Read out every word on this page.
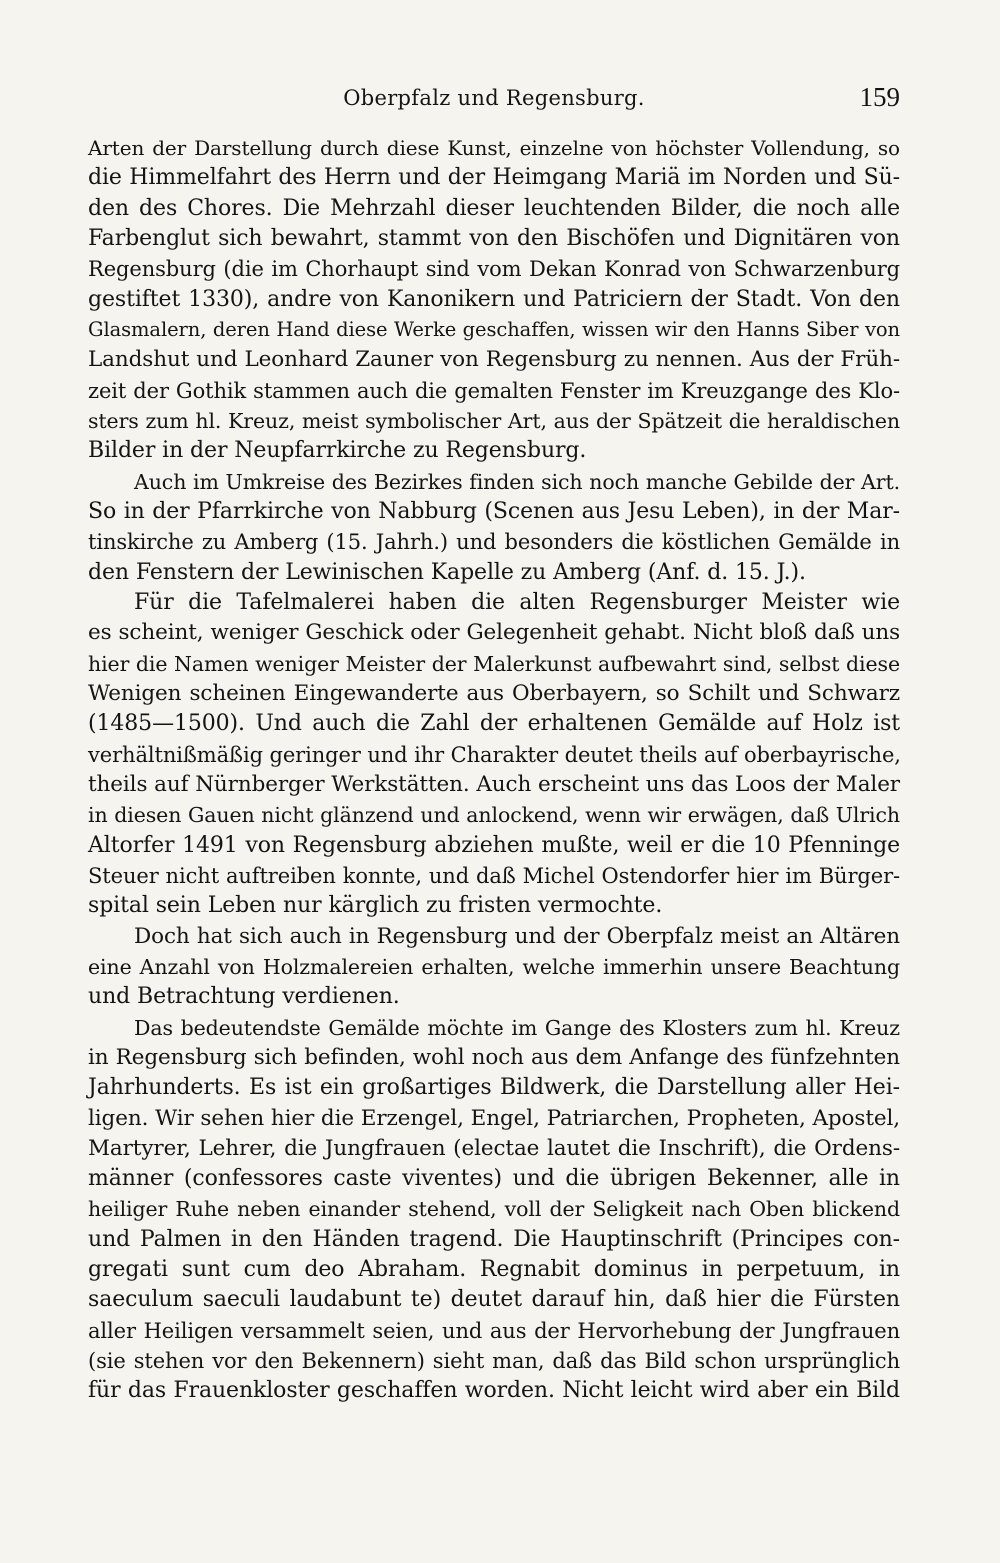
Oberpfalz und Regensburg.	159
Arten der Darstellung durch diese Kunst, einzelne von höchster Vollendung, so
die Himmelfahrt des Herrn und der Heimgang Mariä im Norden und Sü-
den des Chores. Die Mehrzahl dieser leuchtenden Bilder, die noch alle
Farbenglut sich bewahrt, stammt von den Bischöfen und Dignitären von
Regensburg (die im Chorhaupt sind vom Dekan Konrad von Schwarzenburg
gestiftet 1330), andre von Kanonikern und Patriciern der Stadt. Von den
Glasmalern, deren Hand diese Werke geschaffen, wissen wir den Hanns Siber von
Landshut und Leonhard Zauner von Regensburg zu nennen. Aus der Früh-
zeit der Gothik stammen auch die gemalten Fenster im Kreuzgange des Klo-
sters zum hl. Kreuz, meist symbolischer Art, aus der Spätzeit die heraldischen
Bilder in der Neupfarrkirche zu Regensburg.
Auch im Umkreise des Bezirkes finden sich noch manche Gebilde der Art.
So in der Pfarrkirche von Nabburg (Scenen aus Jesu Leben), in der Mar-
tinskirche zu Amberg (15. Jahrh.) und besonders die köstlichen Gemälde in
den Fenstern der Lewinischen Kapelle zu Amberg (Anf. d. 15. J.).
Für die Tafelmalerei haben die alten Regensburger Meister wie
es scheint, weniger Geschick oder Gelegenheit gehabt. Nicht bloß daß uns
hier die Namen weniger Meister der Malerkunst aufbewahrt sind, selbst diese
Wenigen scheinen Eingewanderte aus Oberbayern, so Schilt und Schwarz
(1485—1500). Und auch die Zahl der erhaltenen Gemälde auf Holz ist
verhältnißmäßig geringer und ihr Charakter deutet theils auf oberbayrische,
theils auf Nürnberger Werkstätten. Auch erscheint uns das Loos der Maler
in diesen Gauen nicht glänzend und anlockend, wenn wir erwägen, daß Ulrich
Altorfer 1491 von Regensburg abziehen mußte, weil er die 10 Pfenninge
Steuer nicht auftreiben konnte, und daß Michel Ostendorfer hier im Bürger-
spital sein Leben nur kärglich zu fristen vermochte.
Doch hat sich auch in Regensburg und der Oberpfalz meist an Altären
eine Anzahl von Holzmalereien erhalten, welche immerhin unsere Beachtung
und Betrachtung verdienen.
Das bedeutendste Gemälde möchte im Gange des Klosters zum hl. Kreuz
in Regensburg sich befinden, wohl noch aus dem Anfange des fünfzehnten
Jahrhunderts. Es ist ein großartiges Bildwerk, die Darstellung aller Hei-
ligen. Wir sehen hier die Erzengel, Engel, Patriarchen, Propheten, Apostel,
Martyrer, Lehrer, die Jungfrauen (electae lautet die Inschrift), die Ordens-
männer (confessores caste viventes) und die übrigen Bekenner, alle in
heiliger Ruhe neben einander stehend, voll der Seligkeit nach Oben blickend
und Palmen in den Händen tragend. Die Hauptinschrift (Principes con-
gregati sunt cum deo Abraham. Regnabit dominus in perpetuum, in
saeculum saeculi laudabunt te) deutet darauf hin, daß hier die Fürsten
aller Heiligen versammelt seien, und aus der Hervorhebung der Jungfrauen
(sie stehen vor den Bekennern) sieht man, daß das Bild schon ursprünglich
für das Frauenkloster geschaffen worden. Nicht leicht wird aber ein Bild
